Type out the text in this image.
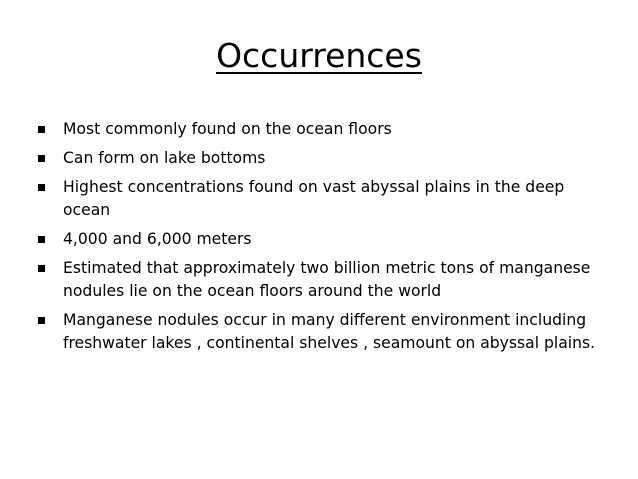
Occurrences
Most commonly found on the ocean floors
Can form on lake bottoms
Highest concentrations found on vast abyssal plains in the deep ocean
4,000 and 6,000 meters
Estimated that approximately two billion metric tons of manganese nodules lie on the ocean floors around the world
Manganese nodules occur in many different environment including freshwater lakes , continental shelves , seamount on abyssal plains.
